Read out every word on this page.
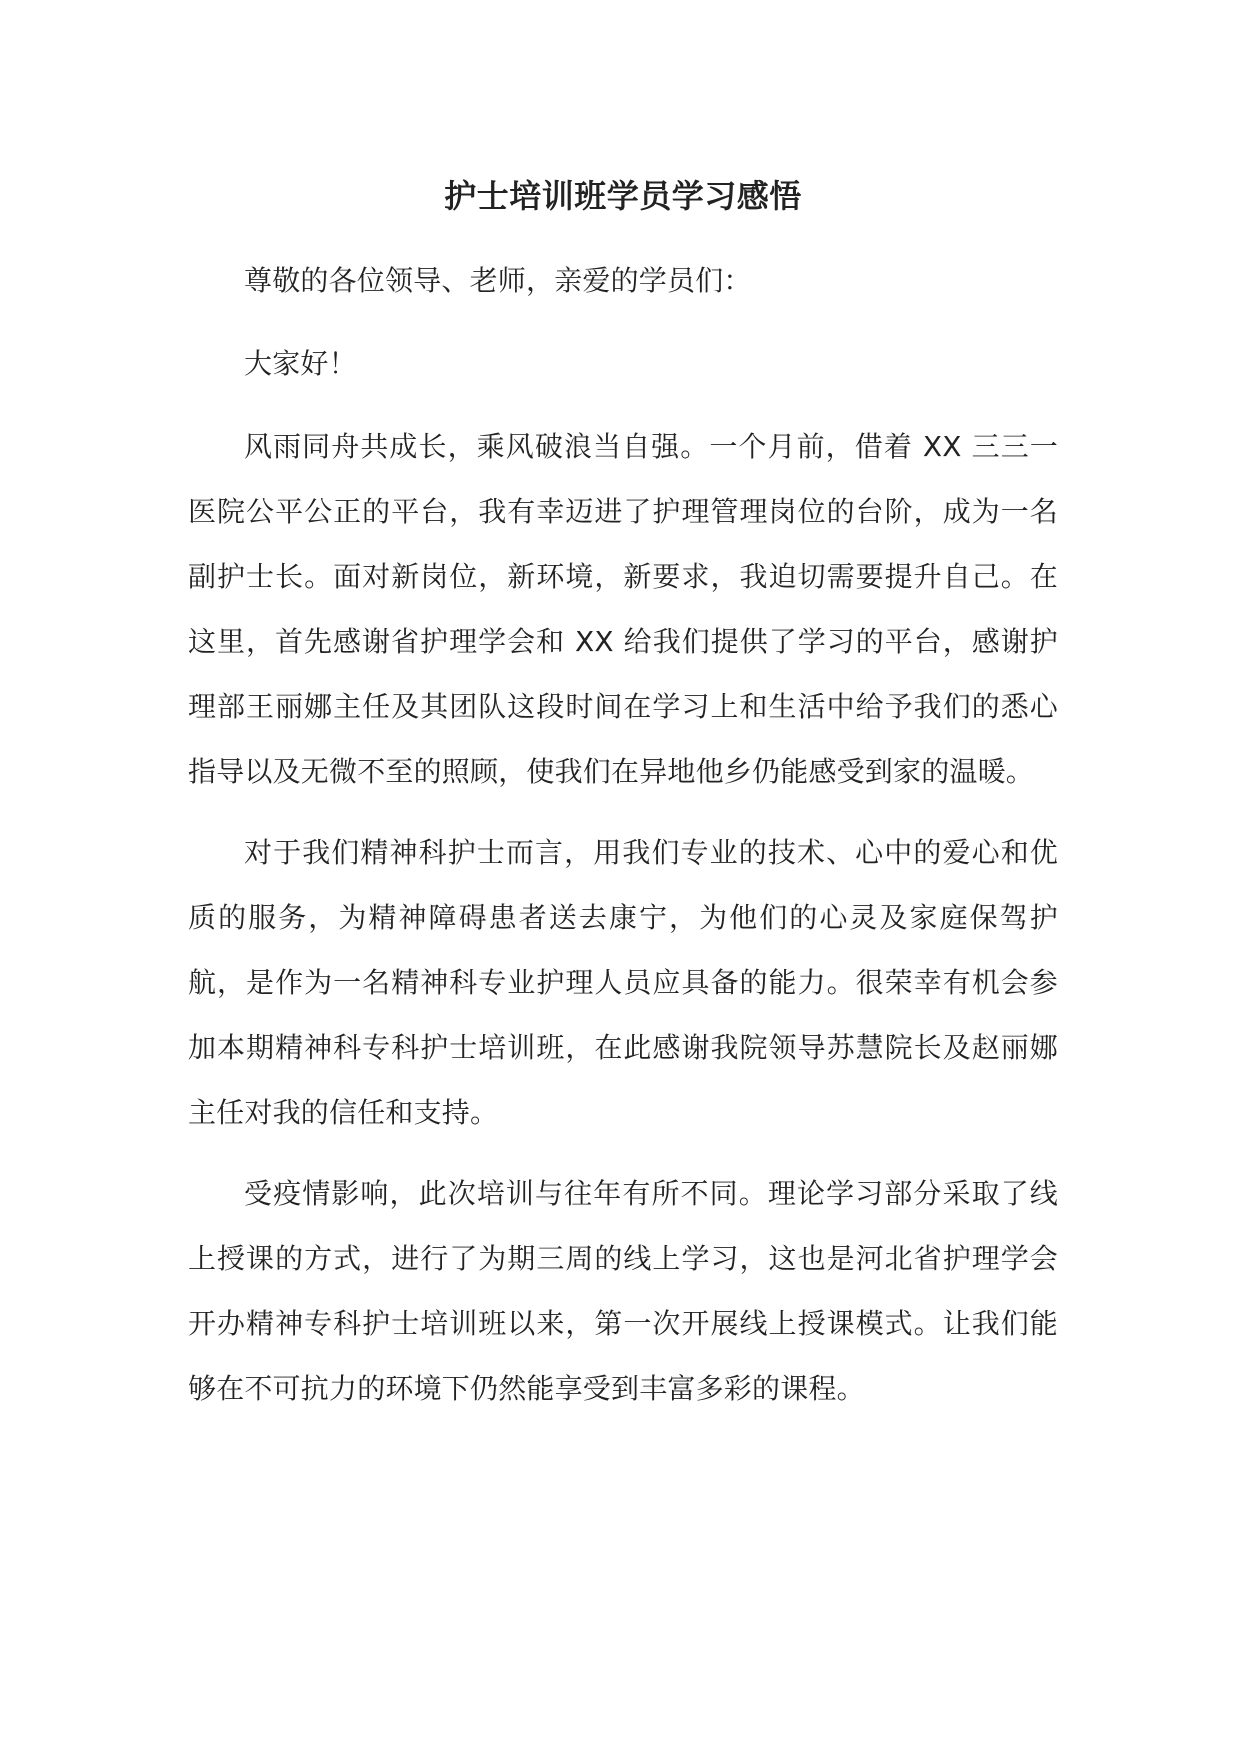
护士培训班学员学习感悟

尊敬的各位领导、老师，亲爱的学员们：

大家好！

风雨同舟共成长，乘风破浪当自强。一个月前，借着 XX 三三一医院公平公正的平台，我有幸迈进了护理管理岗位的台阶，成为一名副护士长。面对新岗位，新环境，新要求，我迫切需要提升自己。在这里，首先感谢省护理学会和 XX 给我们提供了学习的平台，感谢护理部王丽娜主任及其团队这段时间在学习上和生活中给予我们的悉心指导以及无微不至的照顾，使我们在异地他乡仍能感受到家的温暖。

对于我们精神科护士而言，用我们专业的技术、心中的爱心和优质的服务，为精神障碍患者送去康宁，为他们的心灵及家庭保驾护航，是作为一名精神科专业护理人员应具备的能力。很荣幸有机会参加本期精神科专科护士培训班，在此感谢我院领导苏慧院长及赵丽娜主任对我的信任和支持。

受疫情影响，此次培训与往年有所不同。理论学习部分采取了线上授课的方式，进行了为期三周的线上学习，这也是河北省护理学会开办精神专科护士培训班以来，第一次开展线上授课模式。让我们能够在不可抗力的环境下仍然能享受到丰富多彩的课程。
